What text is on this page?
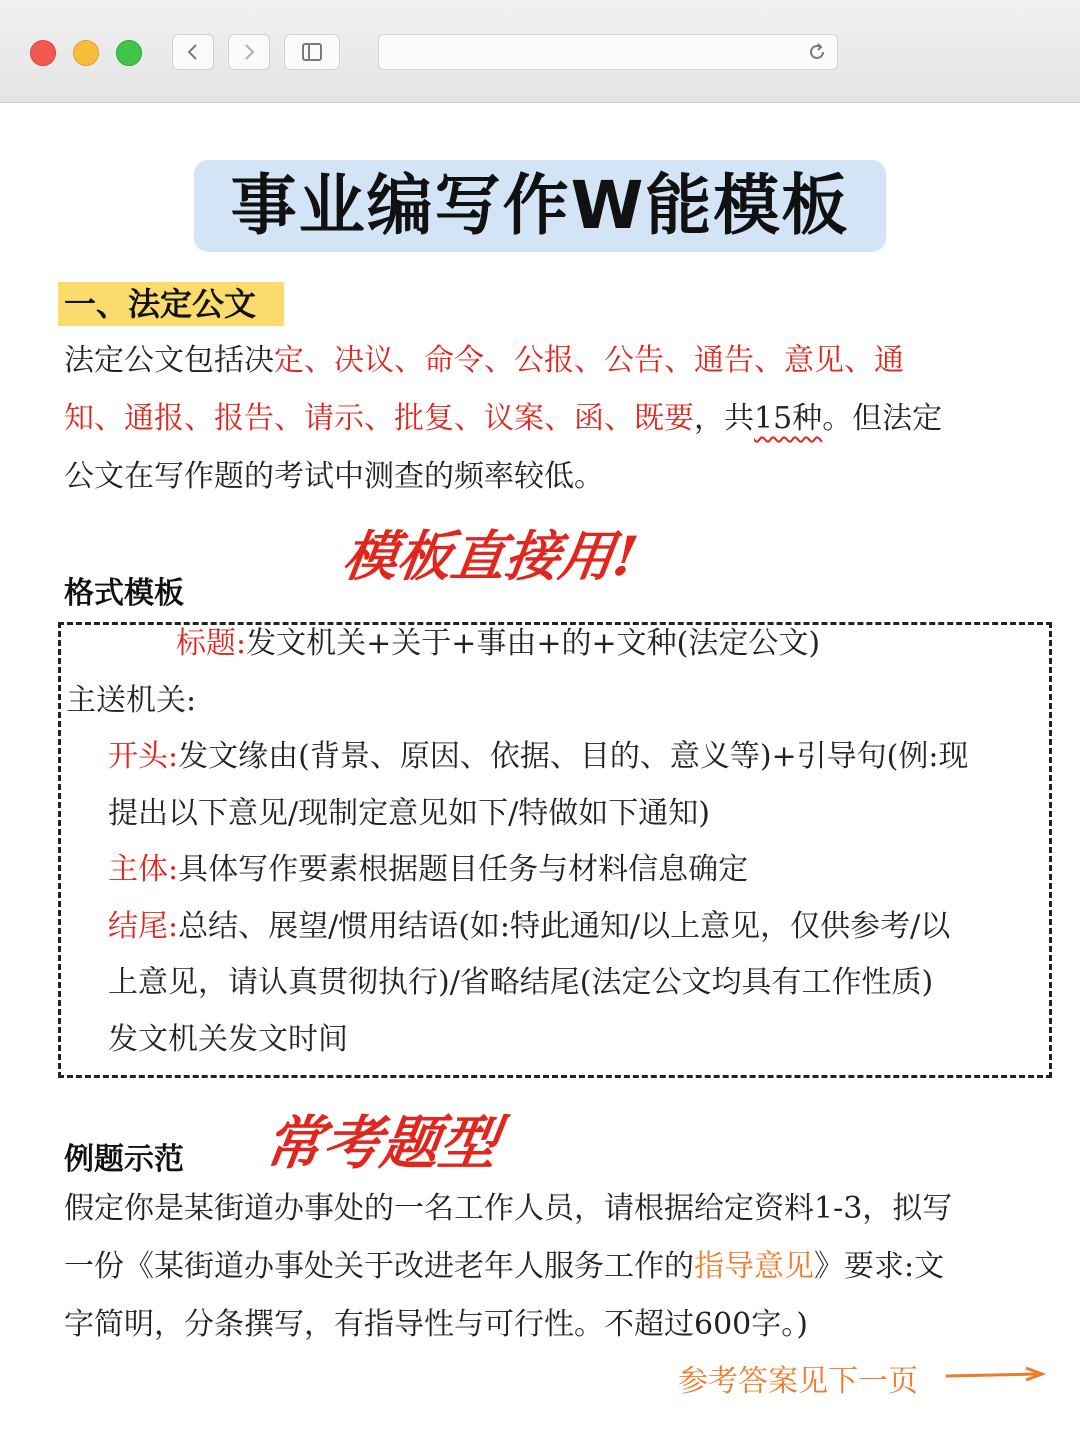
事业编写作W能模板
一、法定公文
法定公文包括决定、决议、命令、公报、公告、通告、意见、通
知、通报、报告、请示、批复、议案、函、既要，共15种。但法定
公文在写作题的考试中测查的频率较低。
格式模板
模板直接用!
标题:发文机关+关于+事由+的+文种(法定公文)
主送机关:
开头:发文缘由(背景、原因、依据、目的、意义等)+引导句(例:现
提出以下意见/现制定意见如下/特做如下通知)
主体:具体写作要素根据题目任务与材料信息确定
结尾:总结、展望/惯用结语(如:特此通知/以上意见，仅供参考/以
上意见，请认真贯彻执行)/省略结尾(法定公文均具有工作性质)
发文机关发文时间
例题示范 常考题型
假定你是某街道办事处的一名工作人员，请根据给定资料1-3，拟写
一份《某街道办事处关于改进老年人服务工作的指导意见》要求:文
字简明，分条撰写，有指导性与可行性。不超过600字。)
参考答案见下一页
